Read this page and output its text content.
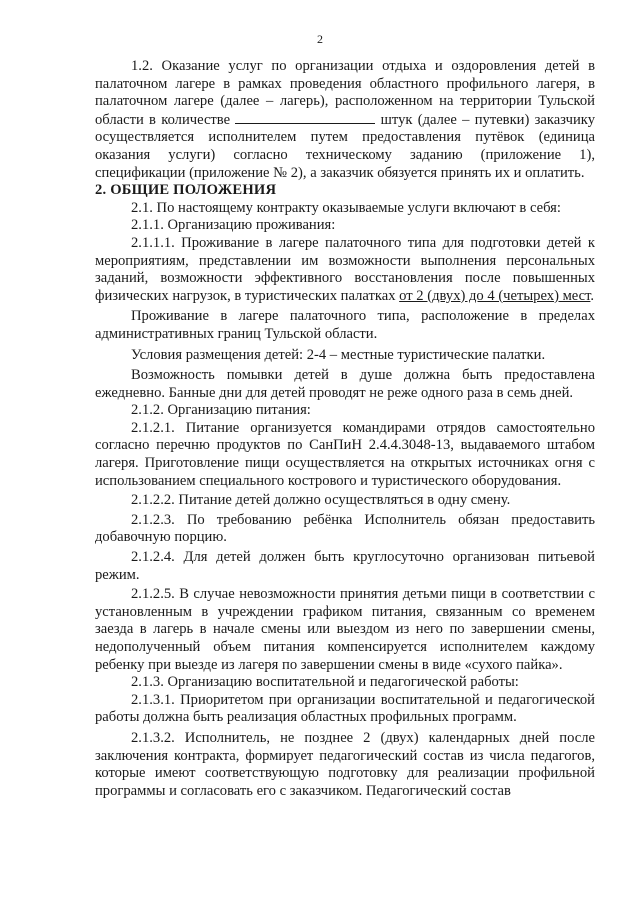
2

1.2. Оказание услуг по организации отдыха и оздоровления детей в палаточном лагере в рамках проведения областного профильного лагеря, в палаточном лагере (далее – лагерь), расположенном на территории Тульской области в количестве	штук (далее – путевки) заказчику осуществляется исполнителем путем предоставления путёвок (единица оказания услуги) согласно техническому заданию (приложение 1), спецификации (приложение № 2), а заказчик обязуется принять их и оплатить.

2. ОБЩИЕ ПОЛОЖЕНИЯ

2.1. По настоящему контракту оказываемые услуги включают в себя:

2.1.1. Организацию проживания:

2.1.1.1. Проживание в лагере палаточного типа для подготовки детей к мероприятиям, представлении им возможности выполнения персональных заданий, возможности эффективного восстановления после повышенных физических нагрузок, в туристических палатках от 2 (двух) до 4 (четырех) мест.

Проживание в лагере палаточного типа, расположение в пределах административных границ Тульской области.

Условия размещения детей: 2-4 – местные туристические палатки.

Возможность помывки детей в душе должна быть предоставлена ежедневно. Банные дни для детей проводят не реже одного раза в семь дней.

2.1.2. Организацию питания:

2.1.2.1. Питание организуется командирами отрядов самостоятельно согласно перечню продуктов по СанПиН 2.4.4.3048-13, выдаваемого штабом лагеря. Приготовление пищи осуществляется на открытых источниках огня с использованием специального кострового и туристического оборудования.

2.1.2.2. Питание детей должно осуществляться в одну смену.

2.1.2.3. По требованию ребёнка Исполнитель обязан предоставить добавочную порцию.

2.1.2.4. Для детей должен быть круглосуточно организован питьевой режим.

2.1.2.5. В случае невозможности принятия детьми пищи в соответствии с установленным в учреждении графиком питания, связанным со временем заезда в лагерь в начале смены или выездом из него по завершении смены, недополученный объем питания компенсируется исполнителем каждому ребенку при выезде из лагеря по завершении смены в виде «сухого пайка».

2.1.3. Организацию воспитательной и педагогической работы:

2.1.3.1. Приоритетом при организации воспитательной и педагогической работы должна быть реализация областных профильных программ.

2.1.3.2. Исполнитель, не позднее 2 (двух) календарных дней после заключения контракта, формирует педагогический состав из числа педагогов, которые имеют соответствующую подготовку для реализации профильной программы и согласовать его с заказчиком. Педагогический состав
